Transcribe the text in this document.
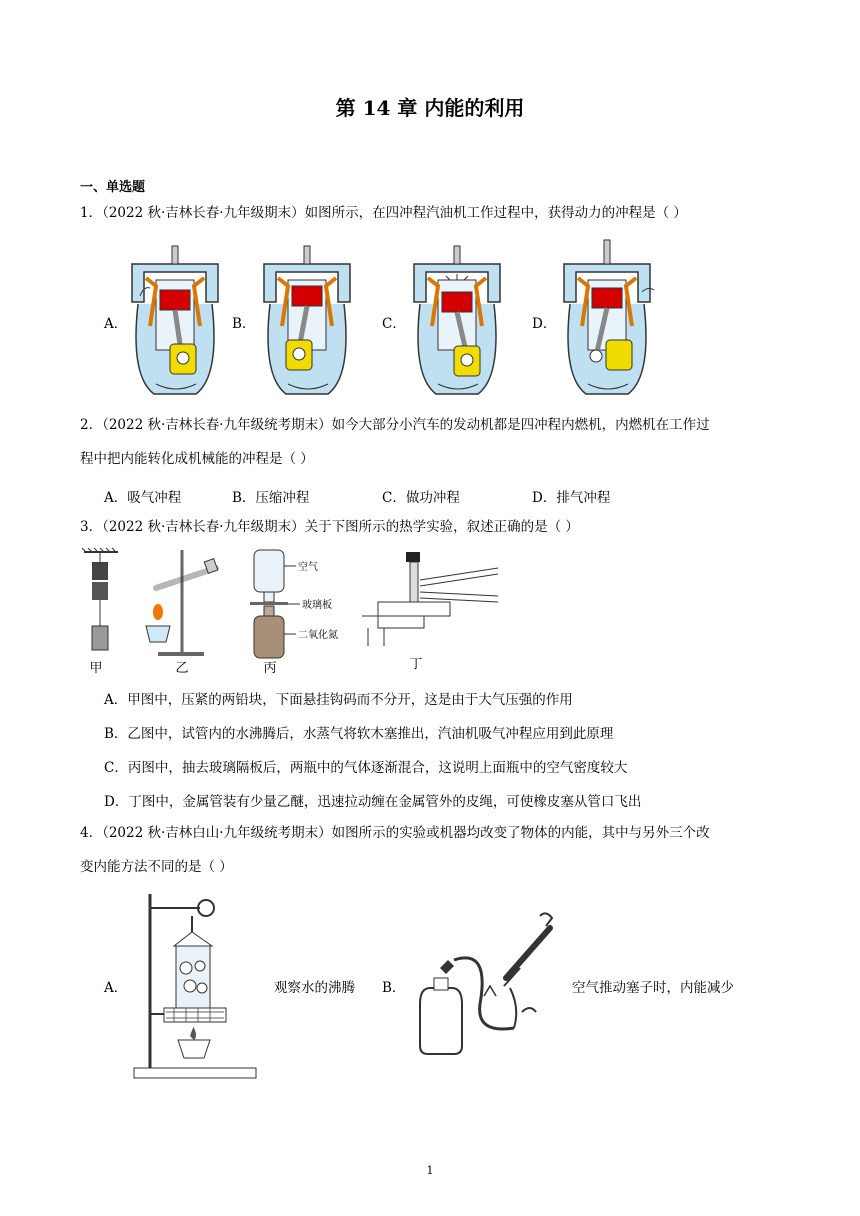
第 14 章 内能的利用
一、单选题
1．（2022 秋·吉林长春·九年级期末）如图所示，在四冲程汽油机工作过程中，获得动力的冲程是（ ）
A．	B．	C．	D．
2．（2022 秋·吉林长春·九年级统考期末）如今大部分小汽车的发动机都是四冲程内燃机，内燃机在工作过
程中把内能转化成机械能的冲程是（ ）
A．吸气冲程	B．压缩冲程	C．做功冲程	D．排气冲程
3．（2022 秋·吉林长春·九年级期末）关于下图所示的热学实验，叙述正确的是（ ）
空气
玻璃板
二氧化氮
甲	乙	丙	丁
A．甲图中，压紧的两铅块，下面悬挂钩码而不分开，这是由于大气压强的作用
B．乙图中，试管内的水沸腾后，水蒸气将软木塞推出，汽油机吸气冲程应用到此原理
C．丙图中，抽去玻璃隔板后，两瓶中的气体逐渐混合，这说明上面瓶中的空气密度较大
D．丁图中，金属管装有少量乙醚，迅速拉动缠在金属管外的皮绳，可使橡皮塞从管口飞出
4．（2022 秋·吉林白山·九年级统考期末）如图所示的实验或机器均改变了物体的内能，其中与另外三个改
变内能方法不同的是（ ）
A．	观察水的沸腾 B．	空气推动塞子时，内能减少
1
